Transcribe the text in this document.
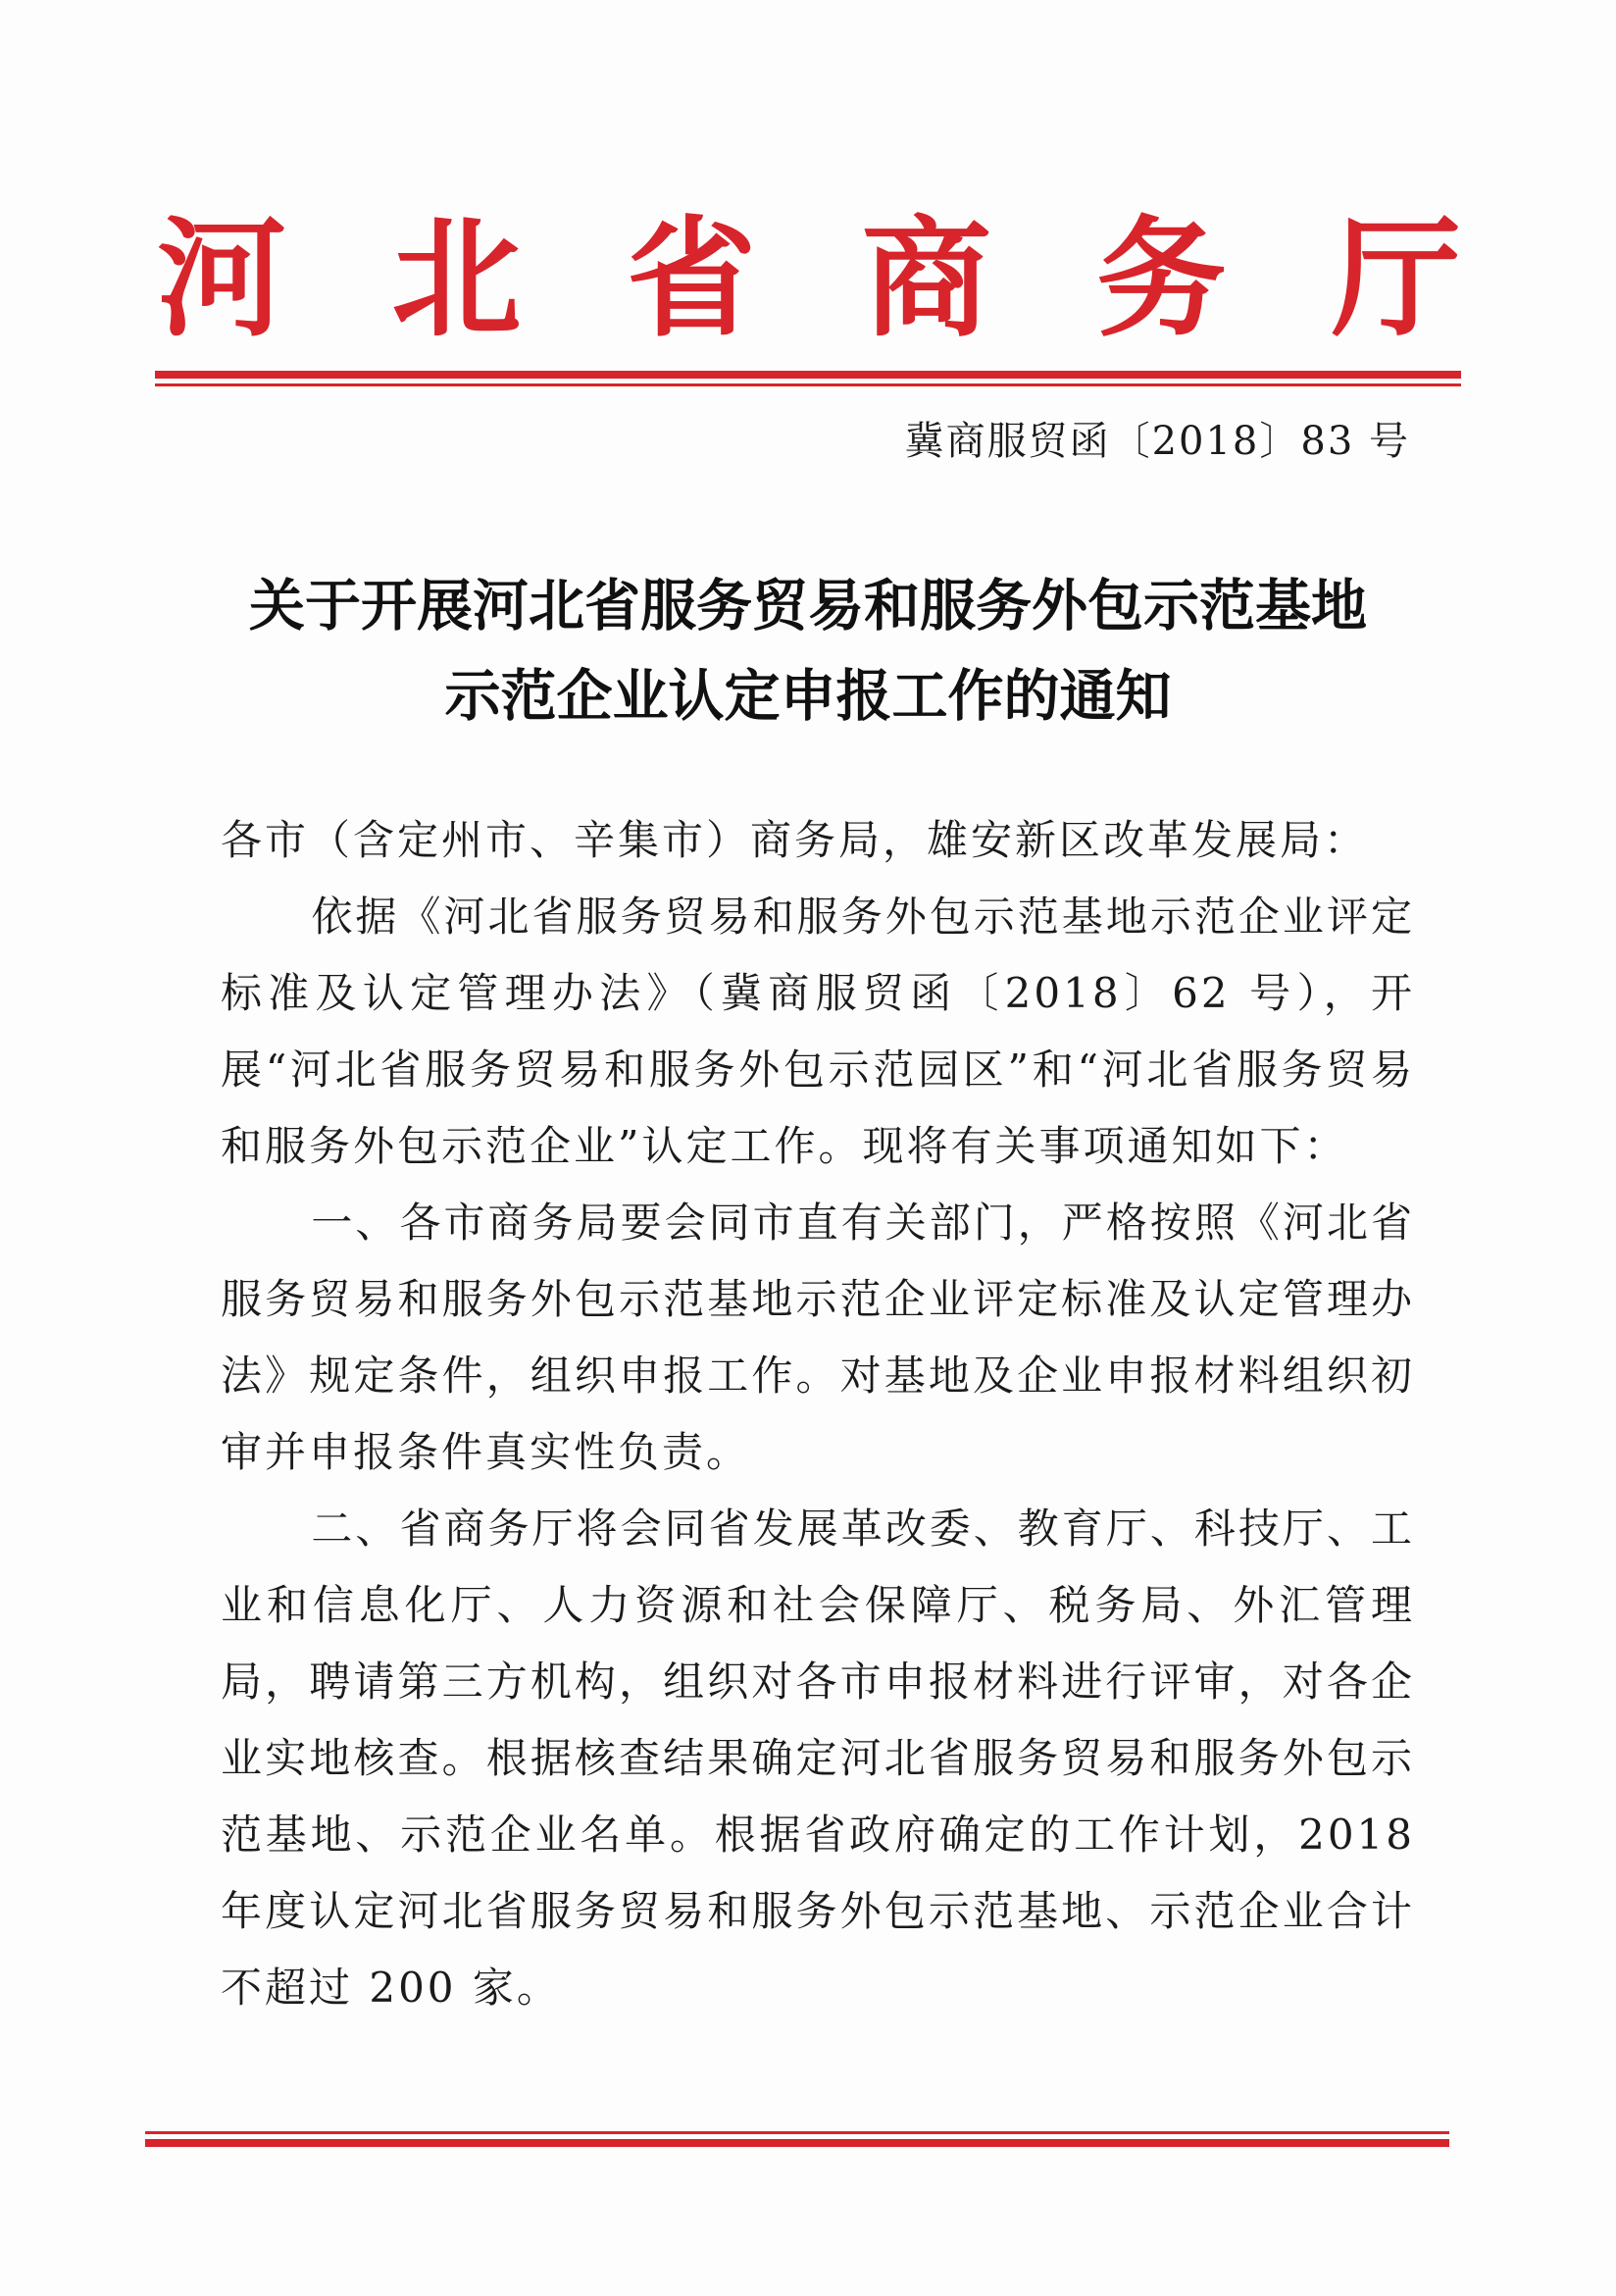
河 北 省 商 务 厅
冀商服贸函〔2018〕83 号
关于开展河北省服务贸易和服务外包示范基地
示范企业认定申报工作的通知

各市（含定州市、辛集市）商务局，雄安新区改革发展局：

依据《河北省服务贸易和服务外包示范基地示范企业评定标准及认定管理办法》（冀商服贸函〔2018〕62 号），开展“河北省服务贸易和服务外包示范园区”和“河北省服务贸易和服务外包示范企业”认定工作。现将有关事项通知如下：

一、各市商务局要会同市直有关部门，严格按照《河北省服务贸易和服务外包示范基地示范企业评定标准及认定管理办法》规定条件，组织申报工作。对基地及企业申报材料组织初审并申报条件真实性负责。

二、省商务厅将会同省发展革改委、教育厅、科技厅、工业和信息化厅、人力资源和社会保障厅、税务局、外汇管理局，聘请第三方机构，组织对各市申报材料进行评审，对各企业实地核查。根据核查结果确定河北省服务贸易和服务外包示范基地、示范企业名单。根据省政府确定的工作计划，2018 年度认定河北省服务贸易和服务外包示范基地、示范企业合计不超过 200 家。
